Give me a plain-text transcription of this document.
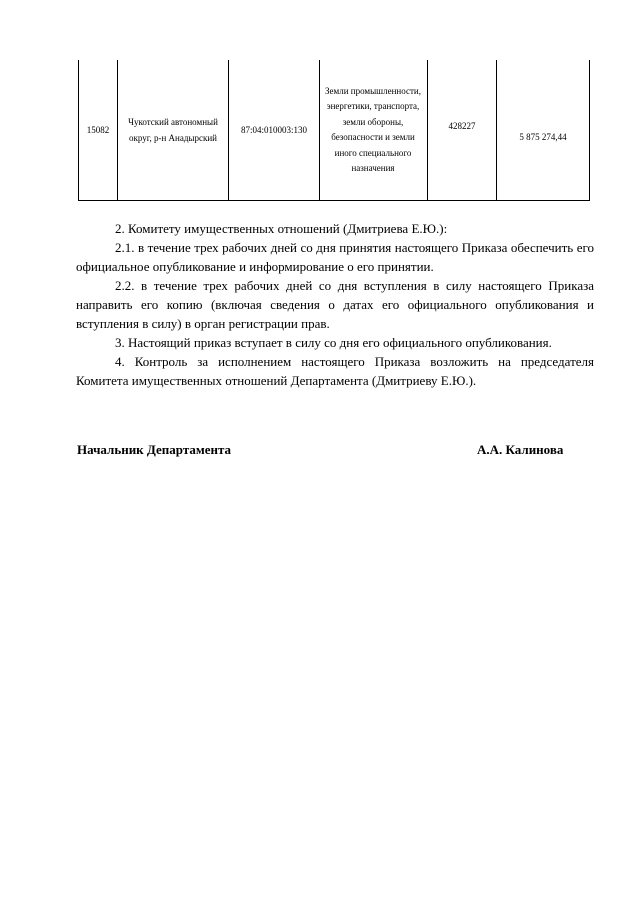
15082
Чукотский автономный округ, р-н Анадырский
87:04:010003:130
Земли промышленности, энергетики, транспорта, земли обороны, безопасности и земли иного специального назначения
428227
5 875 274,44

2. Комитету имущественных отношений (Дмитриева Е.Ю.):

2.1. в течение трех рабочих дней со дня принятия настоящего Приказа обеспечить его официальное опубликование и информирование о его принятии.

2.2. в течение трех рабочих дней со дня вступления в силу настоящего Приказа направить его копию (включая сведения о датах его официального опубликования и вступления в силу) в орган регистрации прав.

3. Настоящий приказ вступает в силу со дня его официального опубликования.

4. Контроль за исполнением настоящего Приказа возложить на председателя Комитета имущественных отношений Департамента (Дмитриеву Е.Ю.).

Начальник Департамента	А.А. Калинова
